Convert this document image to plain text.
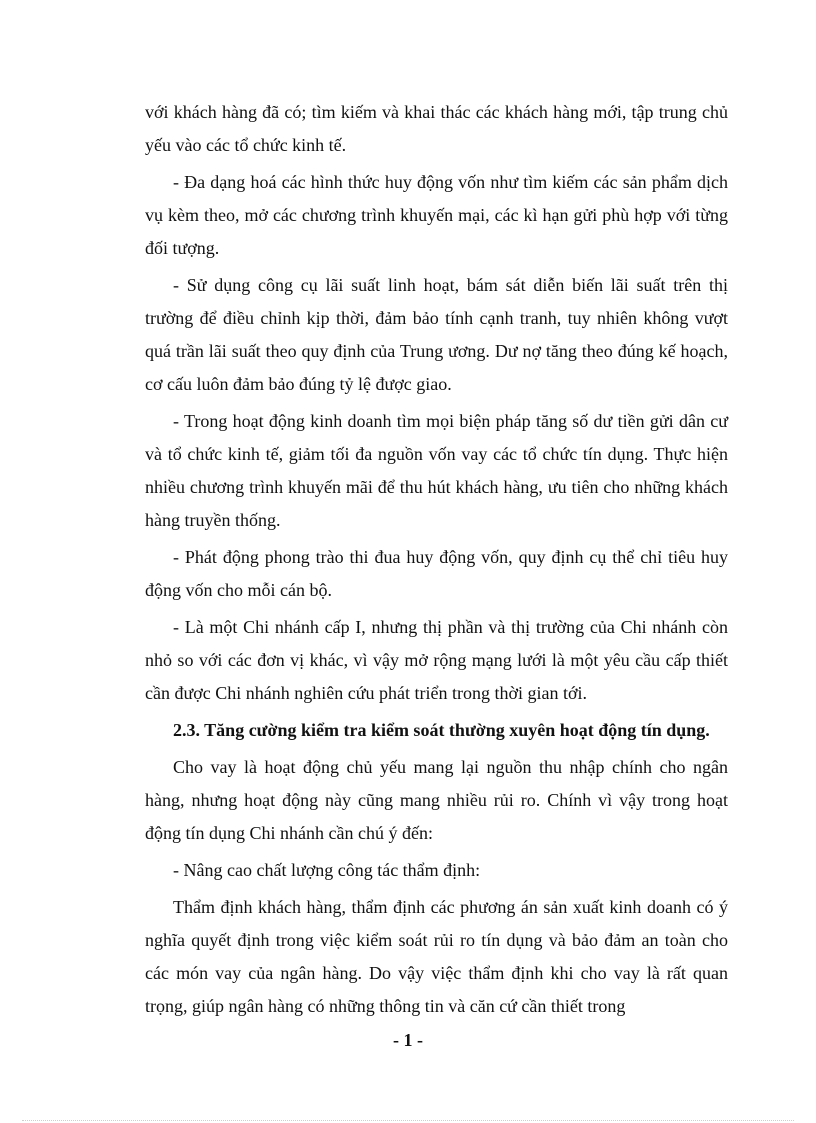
với khách hàng đã có; tìm kiếm và khai thác các khách hàng mới, tập trung chủ yếu vào các tổ chức kinh tế.

- Đa dạng hoá các hình thức huy động vốn như tìm kiếm các sản phẩm dịch vụ kèm theo, mở các chương trình khuyến mại, các kì hạn gửi phù hợp với từng đối tượng.

- Sử dụng công cụ lãi suất linh hoạt, bám sát diễn biến lãi suất trên thị trường để điều chỉnh kịp thời, đảm bảo tính cạnh tranh, tuy nhiên không vượt quá trần lãi suất theo quy định của Trung ương. Dư nợ tăng theo đúng kế hoạch, cơ cấu luôn đảm bảo đúng tỷ lệ được giao.

- Trong hoạt động kinh doanh tìm mọi biện pháp tăng số dư tiền gửi dân cư và tổ chức kinh tế, giảm tối đa nguồn vốn vay các tổ chức tín dụng. Thực hiện nhiều chương trình khuyến mãi để thu hút khách hàng, ưu tiên cho những khách hàng truyền thống.

- Phát động phong trào thi đua huy động vốn, quy định cụ thể chỉ tiêu huy động vốn cho mỗi cán bộ.

- Là một Chi nhánh cấp I, nhưng thị phần và thị trường của Chi nhánh còn nhỏ so với các đơn vị khác, vì vậy mở rộng mạng lưới là một yêu cầu cấp thiết cần được Chi nhánh nghiên cứu phát triển trong thời gian tới.

2.3. Tăng cường kiểm tra kiểm soát thường xuyên hoạt động tín dụng.

Cho vay là hoạt động chủ yếu mang lại nguồn thu nhập chính cho ngân hàng, nhưng hoạt động này cũng mang nhiều rủi ro. Chính vì vậy trong hoạt động tín dụng Chi nhánh cần chú ý đến:

- Nâng cao chất lượng công tác thẩm định:

Thẩm định khách hàng, thẩm định các phương án sản xuất kinh doanh có ý nghĩa quyết định trong việc kiểm soát rủi ro tín dụng và bảo đảm an toàn cho các món vay của ngân hàng. Do vậy việc thẩm định khi cho vay là rất quan trọng, giúp ngân hàng có những thông tin và căn cứ cần thiết trong

- 1 -
